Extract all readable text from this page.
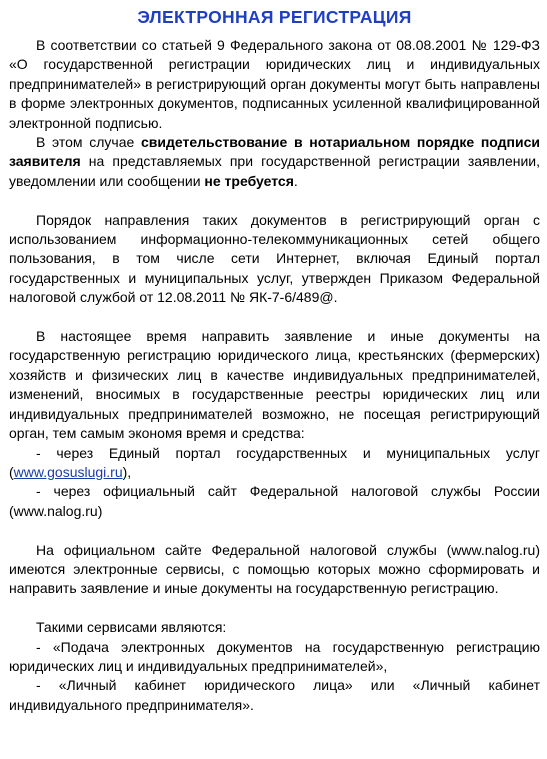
ЭЛЕКТРОННАЯ РЕГИСТРАЦИЯ

В соответствии со статьей 9 Федерального закона от 08.08.2001 № 129-ФЗ «О государственной регистрации юридических лиц и индивидуальных предпринимателей» в регистрирующий орган документы могут быть направлены в форме электронных документов, подписанных усиленной квалифицированной электронной подписью.

В этом случае свидетельствование в нотариальном порядке подписи заявителя на представляемых при государственной регистрации заявлении, уведомлении или сообщении не требуется.

Порядок направления таких документов в регистрирующий орган с использованием информационно-телекоммуникационных сетей общего пользования, в том числе сети Интернет, включая Единый портал государственных и муниципальных услуг, утвержден Приказом Федеральной налоговой службой от 12.08.2011 № ЯК-7-6/489@.

В настоящее время направить заявление и иные документы на государственную регистрацию юридического лица, крестьянских (фермерских) хозяйств и физических лиц в качестве индивидуальных предпринимателей, изменений, вносимых в государственные реестры юридических лиц или индивидуальных предпринимателей возможно, не посещая регистрирующий орган, тем самым экономя время и средства:

- через Единый портал государственных и муниципальных услуг (www.gosuslugi.ru),

- через официальный сайт Федеральной налоговой службы России (www.nalog.ru)

На официальном сайте Федеральной налоговой службы (www.nalog.ru) имеются электронные сервисы, с помощью которых можно сформировать и направить заявление и иные документы на государственную регистрацию.

Такими сервисами являются:

- «Подача электронных документов на государственную регистрацию юридических лиц и индивидуальных предпринимателей»,

- «Личный кабинет юридического лица» или «Личный кабинет индивидуального предпринимателя».
